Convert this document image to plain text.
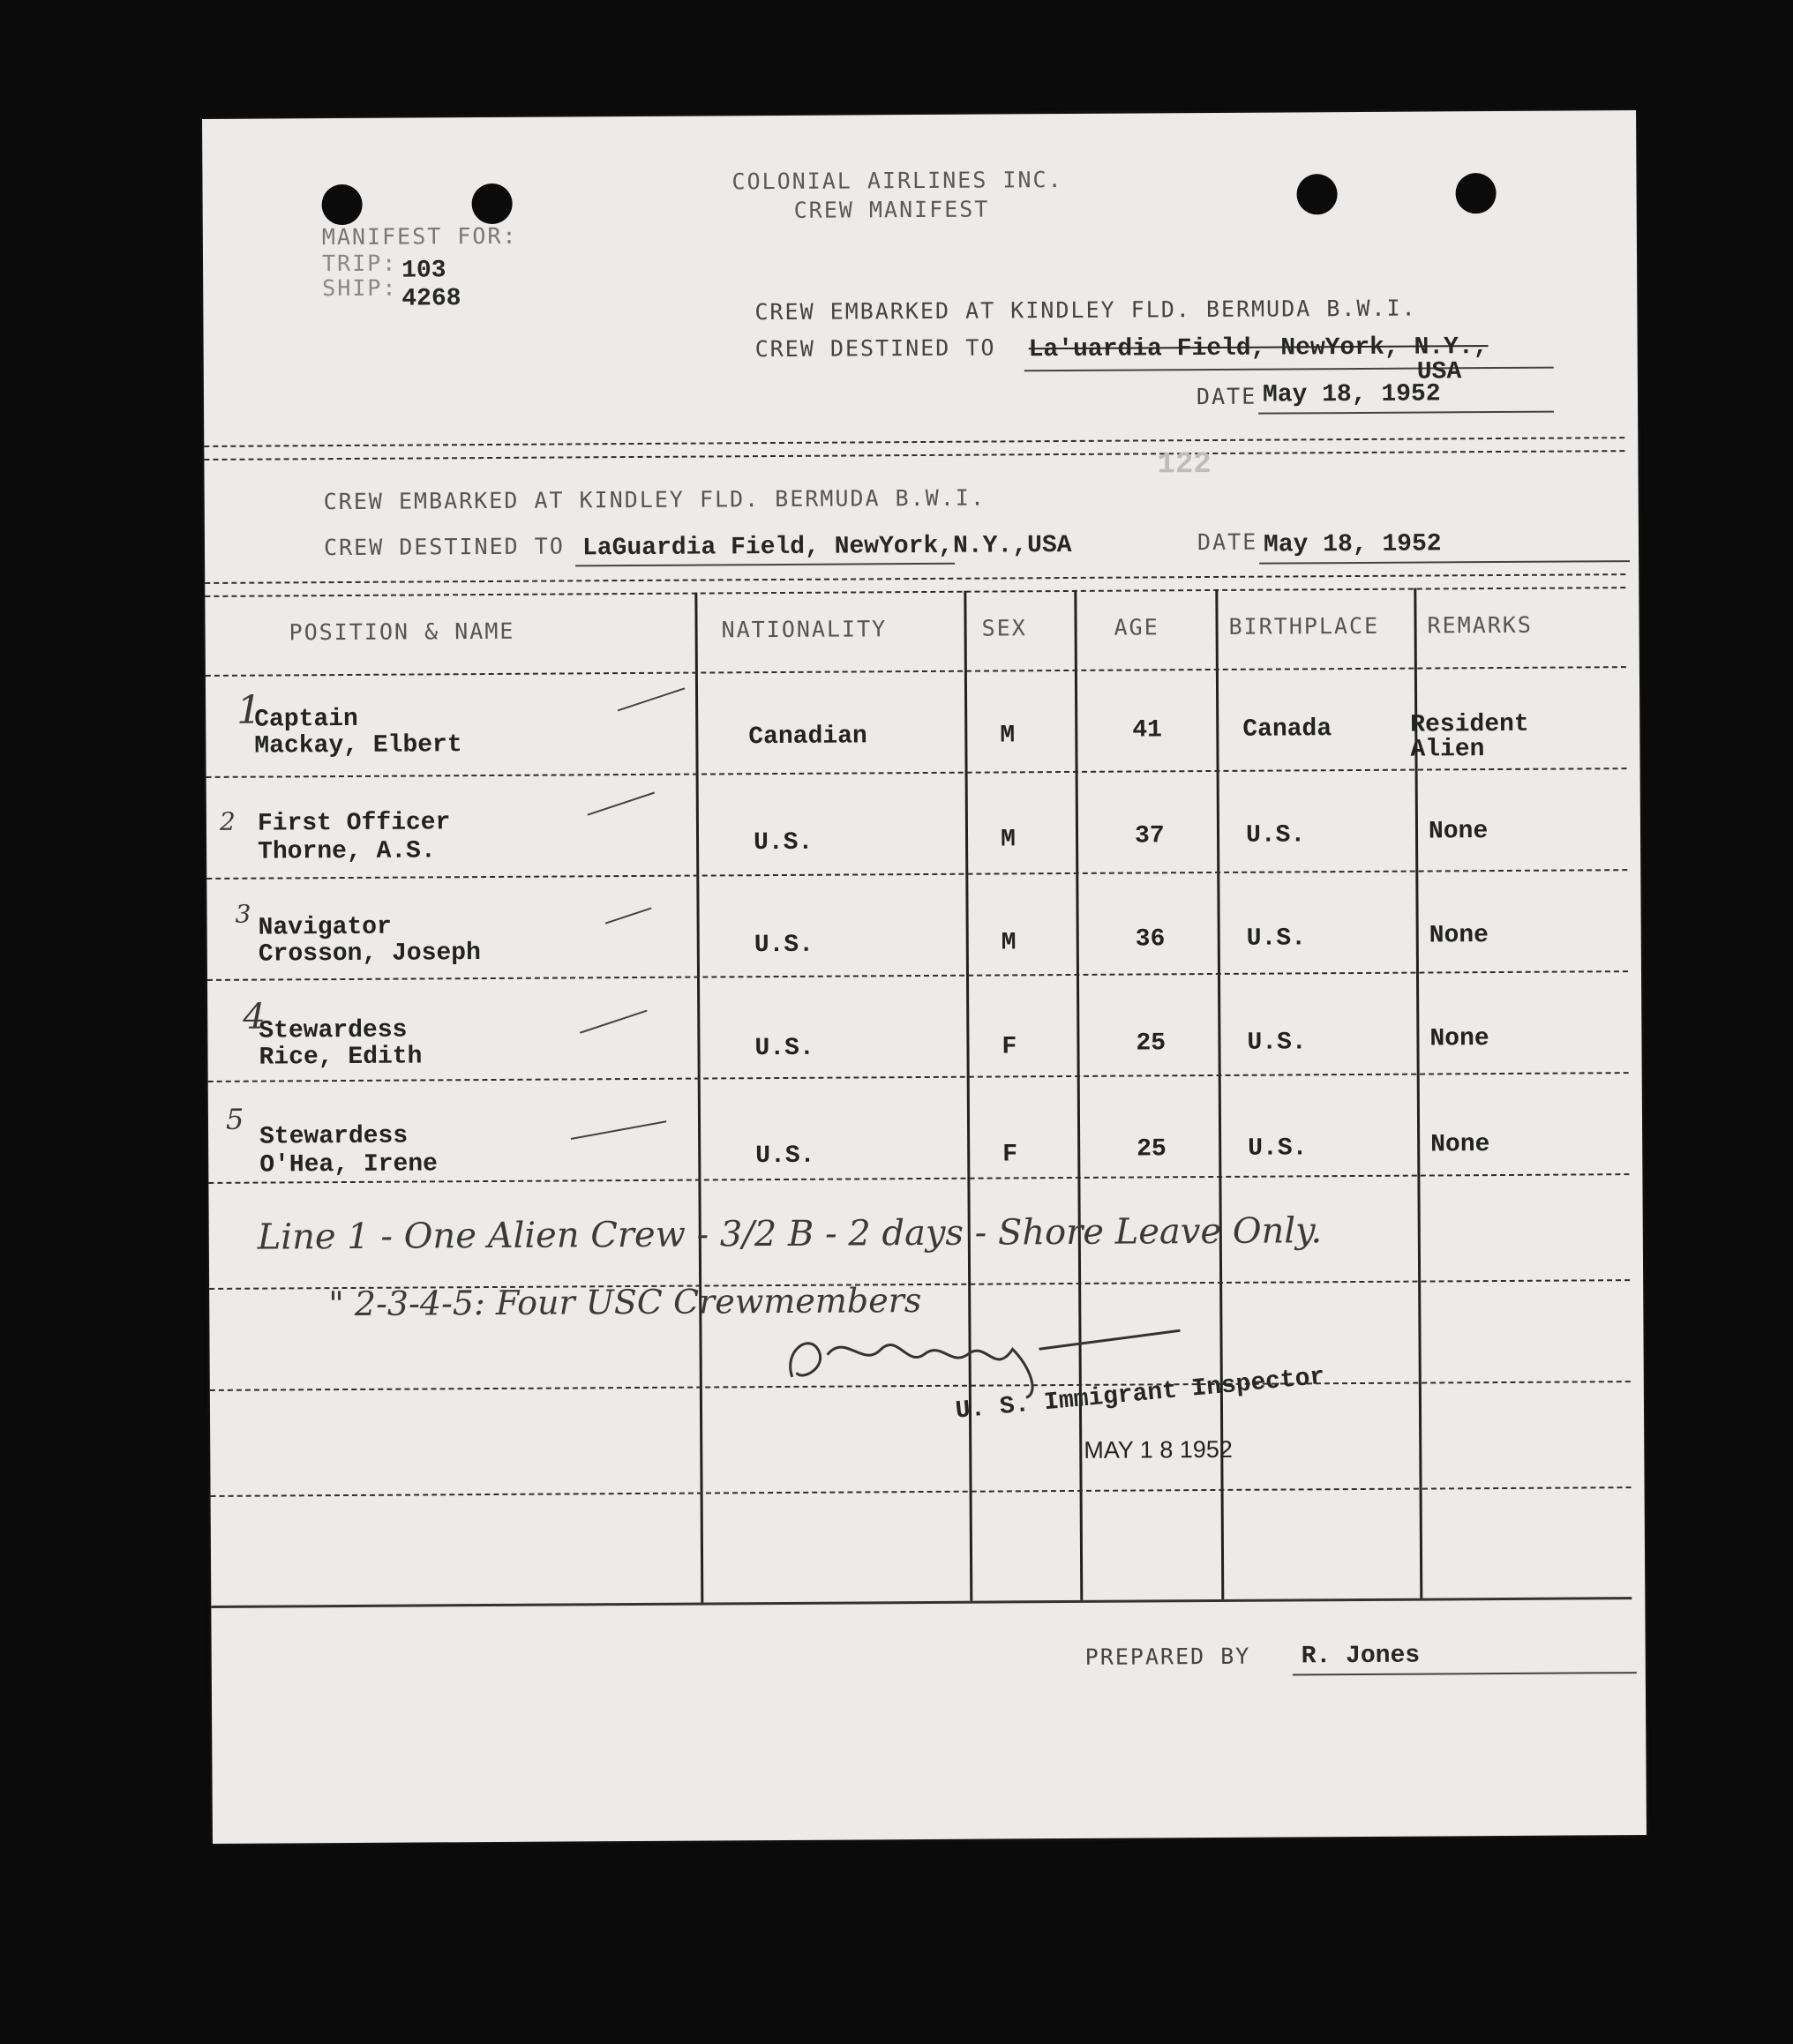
COLONIAL AIRLINES INC.
CREW MANIFEST
MANIFEST FOR:
TRIP: 103
SHIP: 4268	CREW EMBARKED AT KINDLEY FLD. BERMUDA B.W.I.
CREW DESTINED TO La'uardia Field, NewYork, N.Y.,
USA
DATE May 18, 1952
122
CREW EMBARKED AT KINDLEY FLD. BERMUDA B.W.I.
CREW DESTINED TO LaGuardia Field, NewYork,N.Y.,USA	DATE May 18, 1952
POSITION & NAME	NATIONALITY	SEX	AGE	BIRTHPLACE REMARKS
1
Captain
Mackay, Elbert	Canadian	M	41	Canada	Resident Alien
2 First Officer
Thorne, A.S.	U.S.	M	37	U.S.	None
3 Navigator
Crosson, Joseph	U.S.	M	36	U.S.	None
4
Stewardess
Rice, Edith	U.S.	F	25	U.S.	None
5
Stewardess
O'Hea, Irene	U.S.	F	25	U.S.	None
Line 1 - One Alien Crew - 3/2 B - 2 days - Shore Leave Only.
" 2-3-4-5: Four USC Crewmembers
U. S. Immigrant Inspector
MAY 1 8 1952
PREPARED BY R. Jones
